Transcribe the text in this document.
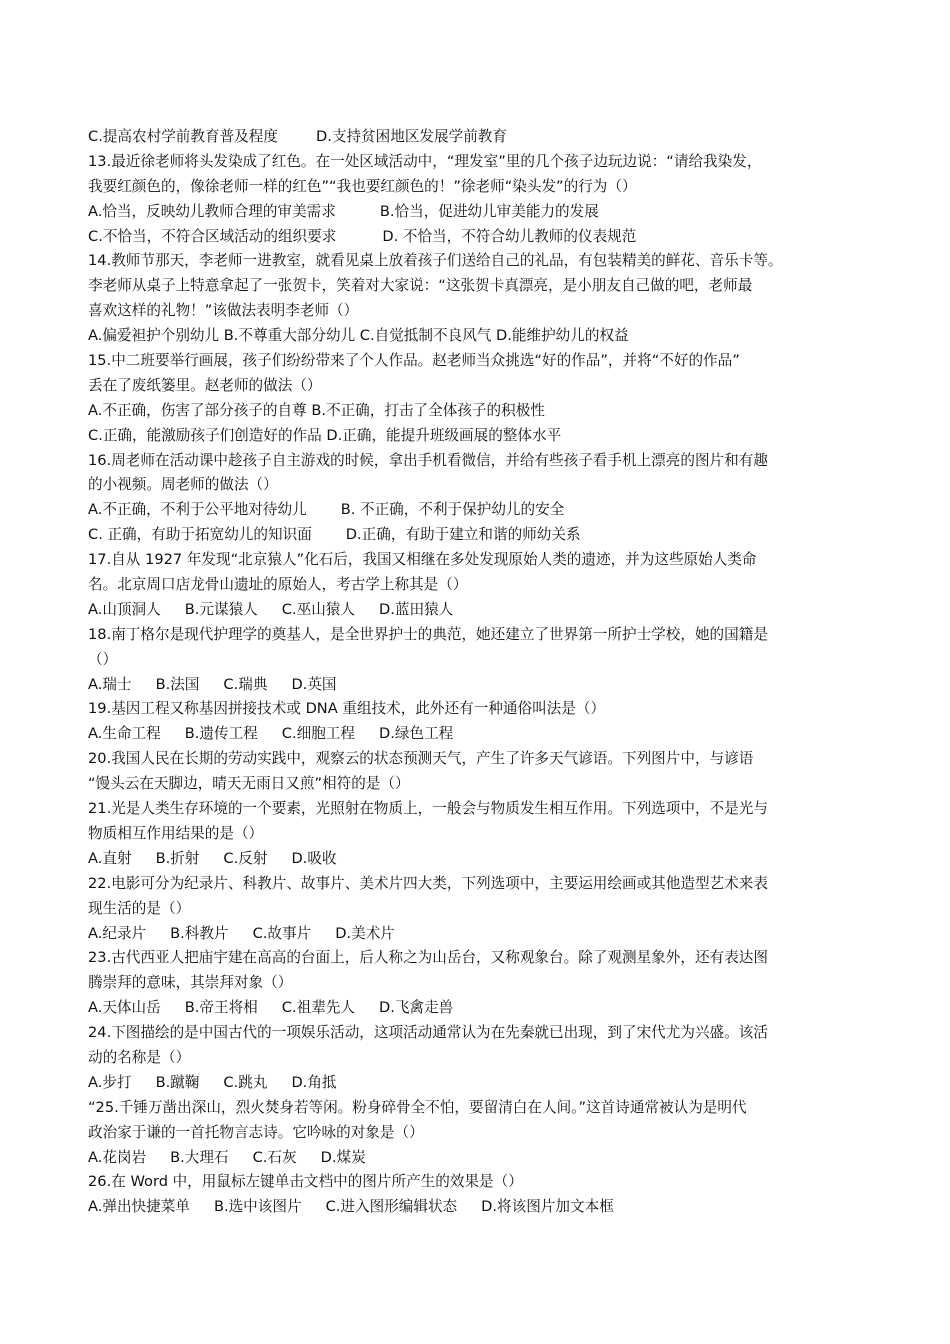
C.提高农村学前教育普及程度	D.支持贫困地区发展学前教育
13.最近徐老师将头发染成了红色。在一处区域活动中，“理发室”里的几个孩子边玩边说：“请给我染发，
我要红颜色的，像徐老师一样的红色”“我也要红颜色的！”徐老师“染头发”的行为（）
A.恰当，反映幼儿教师合理的审美需求	B.恰当，促进幼儿审美能力的发展
C.不恰当，不符合区域活动的组织要求	D. 不恰当，不符合幼儿教师的仪表规范
14.教师节那天，李老师一进教室，就看见桌上放着孩子们送给自己的礼品，有包装精美的鲜花、音乐卡等。
李老师从桌子上特意拿起了一张贺卡，笑着对大家说：“这张贺卡真漂亮，是小朋友自己做的吧，老师最
喜欢这样的礼物！”该做法表明李老师（）
A.偏爱袒护个别幼儿 B.不尊重大部分幼儿 C.自觉抵制不良风气 D.能维护幼儿的权益
15.中二班要举行画展，孩子们纷纷带来了个人作品。赵老师当众挑选“好的作品”，并将“不好的作品”
丢在了废纸篓里。赵老师的做法（）
A.不正确，伤害了部分孩子的自尊 B.不正确，打击了全体孩子的积极性
C.正确，能激励孩子们创造好的作品 D.正确，能提升班级画展的整体水平
16.周老师在活动课中趁孩子自主游戏的时候，拿出手机看微信，并给有些孩子看手机上漂亮的图片和有趣
的小视频。周老师的做法（）
A.不正确，不利于公平地对待幼儿 B. 不正确，不利于保护幼儿的安全
C. 正确，有助于拓宽幼儿的知识面 D.正确，有助于建立和谐的师幼关系
17.自从 1927 年发现“北京猿人”化石后，我国又相继在多处发现原始人类的遗迹，并为这些原始人类命
名。北京周口店龙骨山遗址的原始人，考古学上称其是（）
A.山顶洞人 B.元谋猿人 C.巫山猿人 D.蓝田猿人
18.南丁格尔是现代护理学的奠基人，是全世界护士的典范，她还建立了世界第一所护士学校，她的国籍是
（）
A.瑞士 B.法国 C.瑞典 D.英国
19.基因工程又称基因拼接技术或 DNA 重组技术，此外还有一种通俗叫法是（）
A.生命工程 B.遗传工程 C.细胞工程 D.绿色工程
20.我国人民在长期的劳动实践中，观察云的状态预测天气，产生了许多天气谚语。下列图片中，与谚语
“馒头云在天脚边，晴天无雨日又煎”相符的是（）
21.光是人类生存环境的一个要素，光照射在物质上，一般会与物质发生相互作用。下列选项中，不是光与
物质相互作用结果的是（）
A.直射 B.折射 C.反射 D.吸收
22.电影可分为纪录片、科教片、故事片、美术片四大类，下列选项中，主要运用绘画或其他造型艺术来表
现生活的是（）
A.纪录片 B.科教片 C.故事片 D.美术片
23.古代西亚人把庙宇建在高高的台面上，后人称之为山岳台，又称观象台。除了观测星象外，还有表达图
腾崇拜的意味，其崇拜对象（）
A.天体山岳 B.帝王将相 C.祖辈先人 D.飞禽走兽
24.下图描绘的是中国古代的一项娱乐活动，这项活动通常认为在先秦就已出现，到了宋代尤为兴盛。该活
动的名称是（）
A.步打 B.蹴鞠 C.跳丸 D.角抵
“25.千锤万凿出深山，烈火焚身若等闲。粉身碎骨全不怕，要留清白在人间。”这首诗通常被认为是明代
政治家于谦的一首托物言志诗。它吟咏的对象是（）
A.花岗岩 B.大理石 C.石灰 D.煤炭
26.在 Word 中，用鼠标左键单击文档中的图片所产生的效果是（）
A.弹出快捷菜单 B.选中该图片 C.进入图形编辑状态 D.将该图片加文本框
